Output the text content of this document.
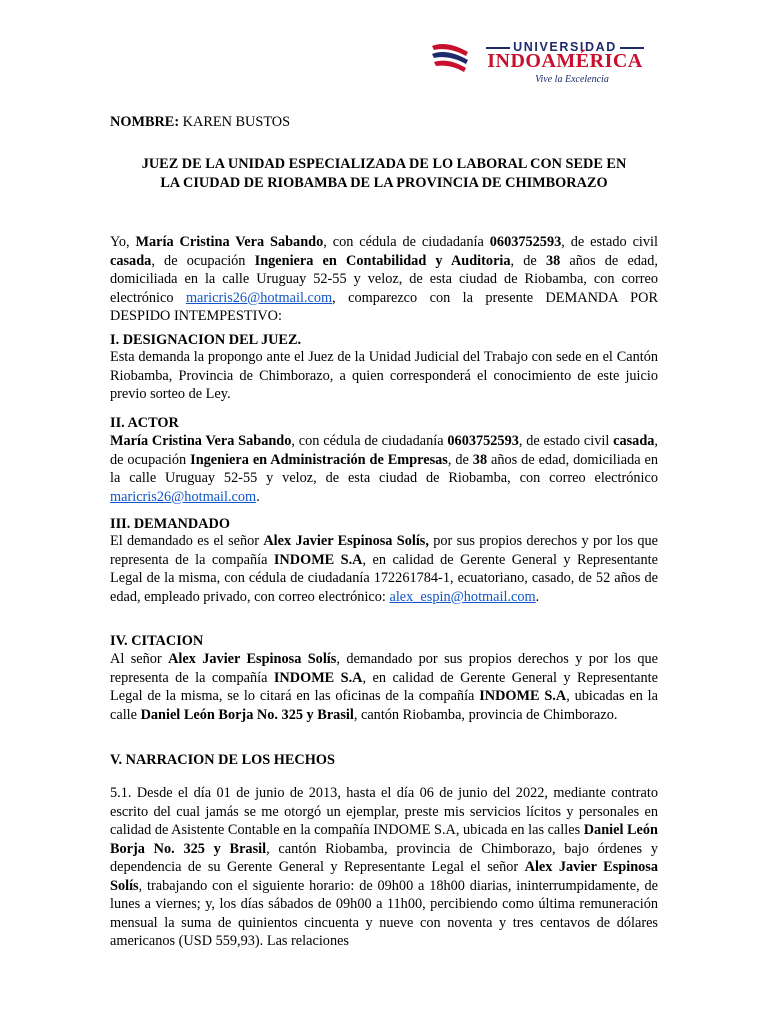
UNIVERSIDAD
INDOAMÉRICA
Vive la Excelencia

NOMBRE: KAREN BUSTOS

JUEZ DE LA UNIDAD ESPECIALIZADA DE LO LABORAL CON SEDE EN

LA CIUDAD DE RIOBAMBA DE LA PROVINCIA DE CHIMBORAZO

Yo, María Cristina Vera Sabando, con cédula de ciudadanía 0603752593, de estado civil casada, de ocupación Ingeniera en Contabilidad y Auditoria, de 38 años de edad, domiciliada en la calle Uruguay 52-55 y veloz, de esta ciudad de Riobamba, con correo electrónico maricris26@hotmail.com, comparezco con la presente DEMANDA POR DESPIDO INTEMPESTIVO:

I. DESIGNACION DEL JUEZ.

Esta demanda la propongo ante el Juez de la Unidad Judicial del Trabajo con sede en el Cantón Riobamba, Provincia de Chimborazo, a quien corresponderá el conocimiento de este juicio previo sorteo de Ley.

II. ACTOR

María Cristina Vera Sabando, con cédula de ciudadanía 0603752593, de estado civil casada, de ocupación Ingeniera en Administración de Empresas, de 38 años de edad, domiciliada en la calle Uruguay 52-55 y veloz, de esta ciudad de Riobamba, con correo electrónico maricris26@hotmail.com.

III. DEMANDADO

El demandado es el señor Alex Javier Espinosa Solís, por sus propios derechos y por los que representa de la compañía INDOME S.A, en calidad de Gerente General y Representante Legal de la misma, con cédula de ciudadanía 172261784-1, ecuatoriano, casado, de 52 años de edad, empleado privado, con correo electrónico: alex_espin@hotmail.com.

IV. CITACION

Al señor Alex Javier Espinosa Solís, demandado por sus propios derechos y por los que representa de la compañía INDOME S.A, en calidad de Gerente General y Representante Legal de la misma, se lo citará en las oficinas de la compañía INDOME S.A, ubicadas en la calle Daniel León Borja No. 325 y Brasil, cantón Riobamba, provincia de Chimborazo.

V. NARRACION DE LOS HECHOS

5.1. Desde el día 01 de junio de 2013, hasta el día 06 de junio del 2022, mediante contrato escrito del cual jamás se me otorgó un ejemplar, preste mis servicios lícitos y personales en calidad de Asistente Contable en la compañía INDOME S.A, ubicada en las calles Daniel León Borja No. 325 y Brasil, cantón Riobamba, provincia de Chimborazo, bajo órdenes y dependencia de su Gerente General y Representante Legal el señor Alex Javier Espinosa Solís, trabajando con el siguiente horario: de 09h00 a 18h00 diarias, ininterrumpidamente, de lunes a viernes; y, los días sábados de 09h00 a 11h00, percibiendo como última remuneración mensual la suma de quinientos cincuenta y nueve con noventa y tres centavos de dólares americanos (USD 559,93). Las relaciones
